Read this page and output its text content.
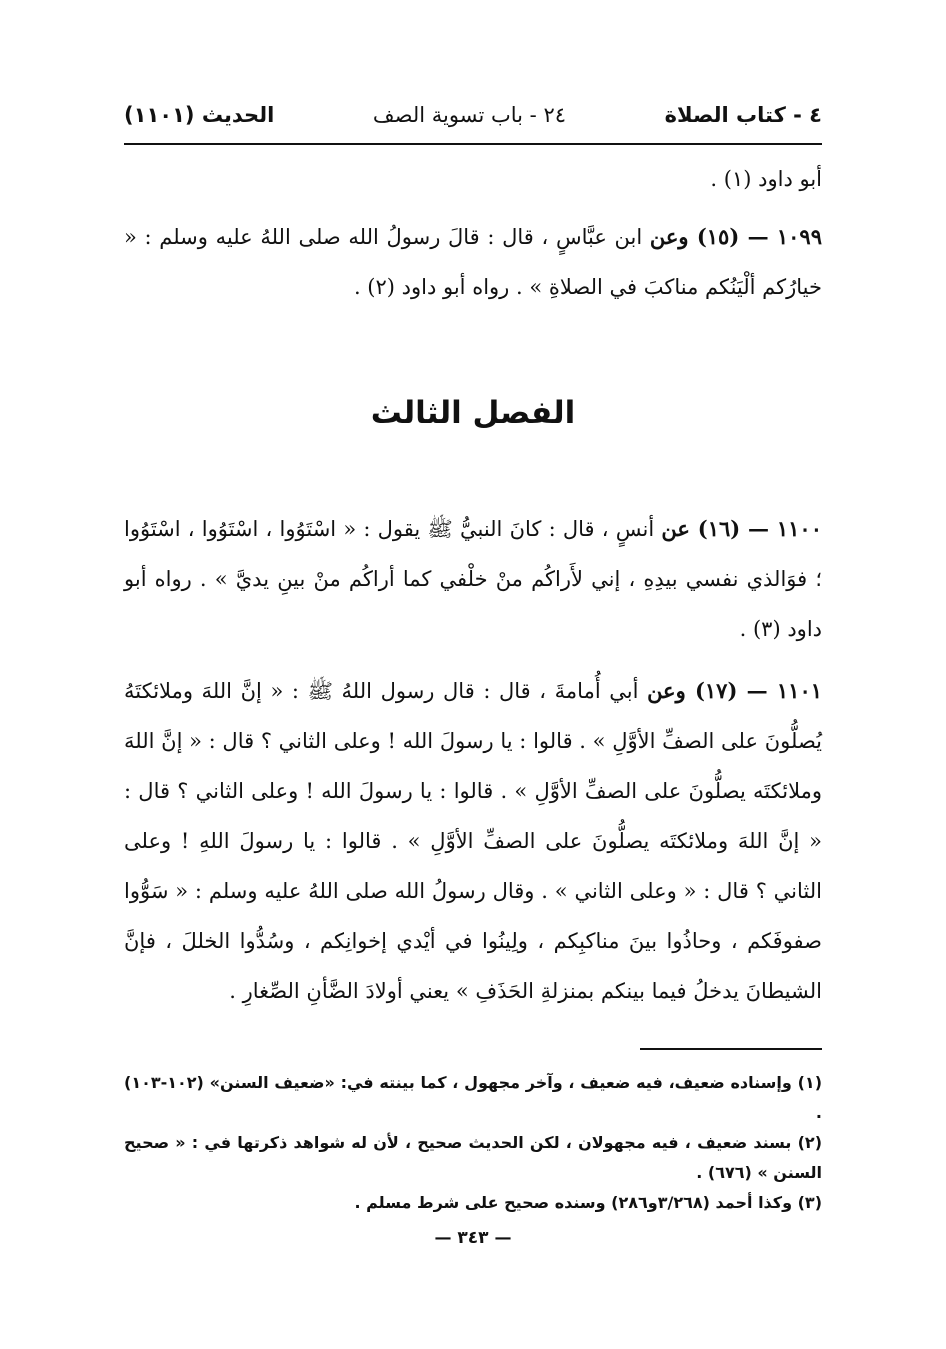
٤ - كتاب الصلاة
٢٤ - باب تسوية الصف
الحديث (١١٠١)

أبو داود (١) .

١٠٩٩ — (١٥) وعن ابن عبَّاسٍ ، قال : قالَ رسولُ الله صلى اللهُ عليه وسلم : « خيارُكم ألْيَنُكم مناكبَ في الصلاةِ » . رواه أبو داود (٢) .

الفصل الثالث

١١٠٠ — (١٦) عن أنسٍ ، قال : كانَ النبيُّ ﷺ يقول : « اسْتَوُوا ، اسْتَوُوا ، اسْتَوُوا ؛ فوَالذي نفسي بيدِهِ ، إني لأَراكُم منْ خلْفي كما أراكُم منْ بينِ يديَّ » . رواه أبو داود (٣) .

١١٠١ — (١٧) وعن أبي أُمامةَ ، قال : قال رسول اللهُ ﷺ : « إنَّ اللهَ وملائكتَهُ يُصلُّونَ على الصفِّ الأوَّلِ » . قالوا : يا رسولَ الله ! وعلى الثاني ؟ قال : « إنَّ اللهَ وملائكتَه يصلُّونَ على الصفِّ الأوَّلِ » . قالوا : يا رسولَ الله ! وعلى الثاني ؟ قال : « إنَّ اللهَ وملائكتَه يصلُّونَ على الصفِّ الأوَّلِ » . قالوا : يا رسولَ اللهِ ! وعلى الثاني ؟ قال : « وعلى الثاني » . وقال رسولُ الله صلى اللهُ عليه وسلم : « سَوُّوا صفوفَكم ، وحاذُوا بينَ مناكبِكم ، ولِينُوا في أيْدي إخوانِكم ، وسُدُّوا الخللَ ، فإنَّ الشيطانَ يدخلُ فيما بينكم بمنزلةِ الحَذَفِ » يعني أولادَ الضَّأنِ الصِّغارِ .

(١) وإسناده ضعيف، فيه ضعيف ، وآخر مجهول ، كما بينته في: «ضعيف السنن» (١٠٢-١٠٣) .

(٢) بسند ضعيف ، فيه مجهولان ، لكن الحديث صحيح ، لأن له شواهد ذكرتها في : « صحيح السنن » (٦٧٦) .

(٣) وكذا أحمد (٣/٢٦٨و٢٨٦) وسنده صحيح على شرط مسلم .

— ٣٤٣ —
